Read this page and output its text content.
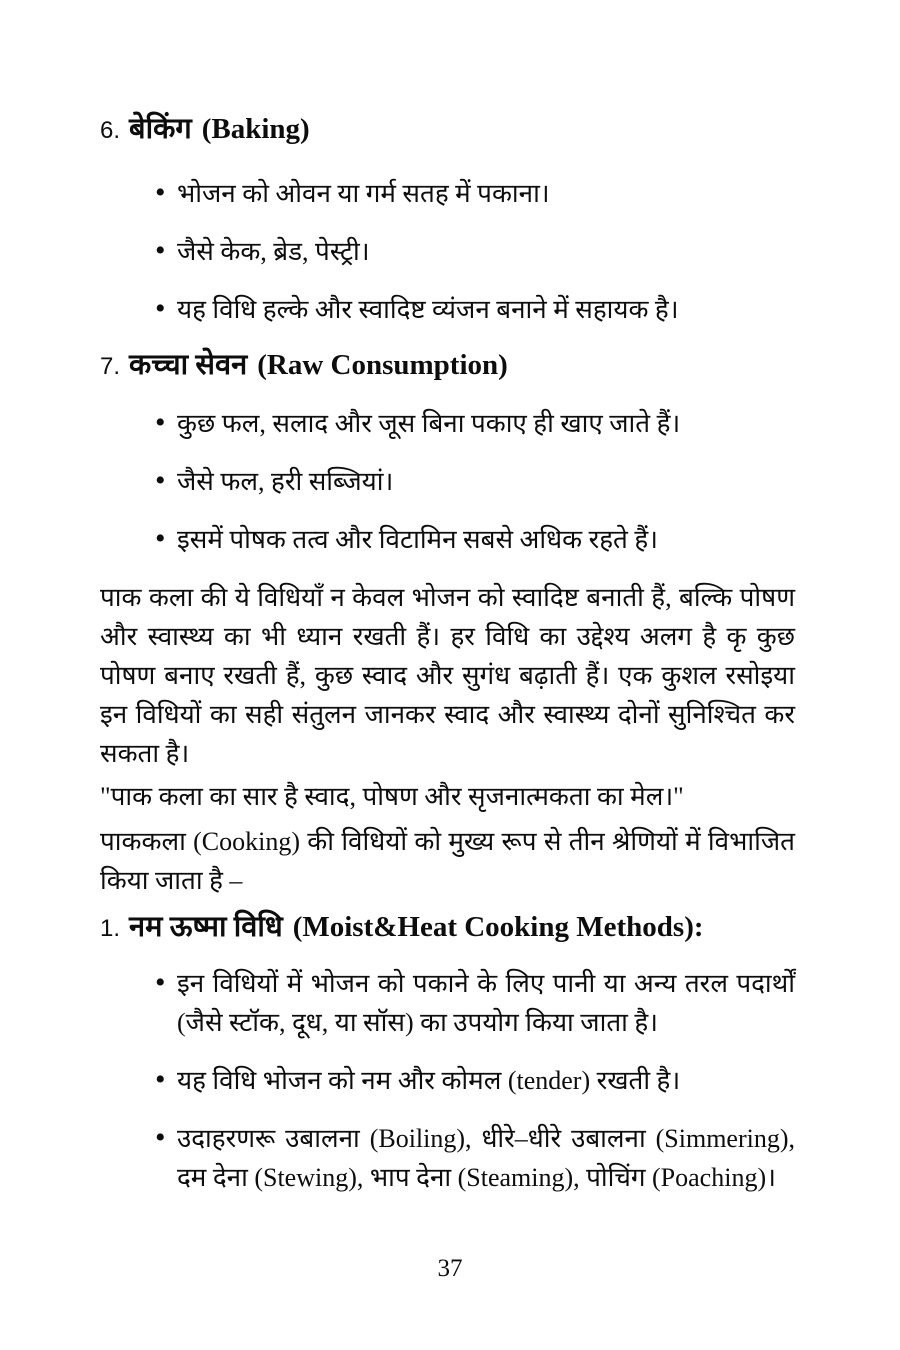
6. बेकिंग (Baking)
• भोजन को ओवन या गर्म सतह में पकाना।
• जैसे केक, ब्रेड, पेस्ट्री।
• यह विधि हल्के और स्वादिष्ट व्यंजन बनाने में सहायक है।
7. कच्चा सेवन (Raw Consumption)
• कुछ फल, सलाद और जूस बिना पकाए ही खाए जाते हैं।
• जैसे फल, हरी सब्जियां।
• इसमें पोषक तत्व और विटामिन सबसे अधिक रहते हैं।

पाक कला की ये विधियाँ न केवल भोजन को स्वादिष्ट बनाती हैं, बल्कि पोषण और स्वास्थ्य का भी ध्यान रखती हैं। हर विधि का उद्देश्य अलग है कृ कुछ पोषण बनाए रखती हैं, कुछ स्वाद और सुगंध बढ़ाती हैं। एक कुशल रसोइया इन विधियों का सही संतुलन जानकर स्वाद और स्वास्थ्य दोनों सुनिश्चित कर सकता है।

"पाक कला का सार है स्वाद, पोषण और सृजनात्मकता का मेल।"

पाककला (Cooking) की विधियों को मुख्य रूप से तीन श्रेणियों में विभाजित किया जाता है –

1. नम ऊष्मा विधि (Moist&Heat Cooking Methods):
• इन विधियों में भोजन को पकाने के लिए पानी या अन्य तरल पदार्थों (जैसे स्टॉक, दूध, या सॉस) का उपयोग किया जाता है।
• यह विधि भोजन को नम और कोमल (tender) रखती है।
• उदाहरणरू उबालना (Boiling), धीरे–धीरे उबालना (Simmering), दम देना (Stewing), भाप देना (Steaming), पोचिंग (Poaching)।
37
